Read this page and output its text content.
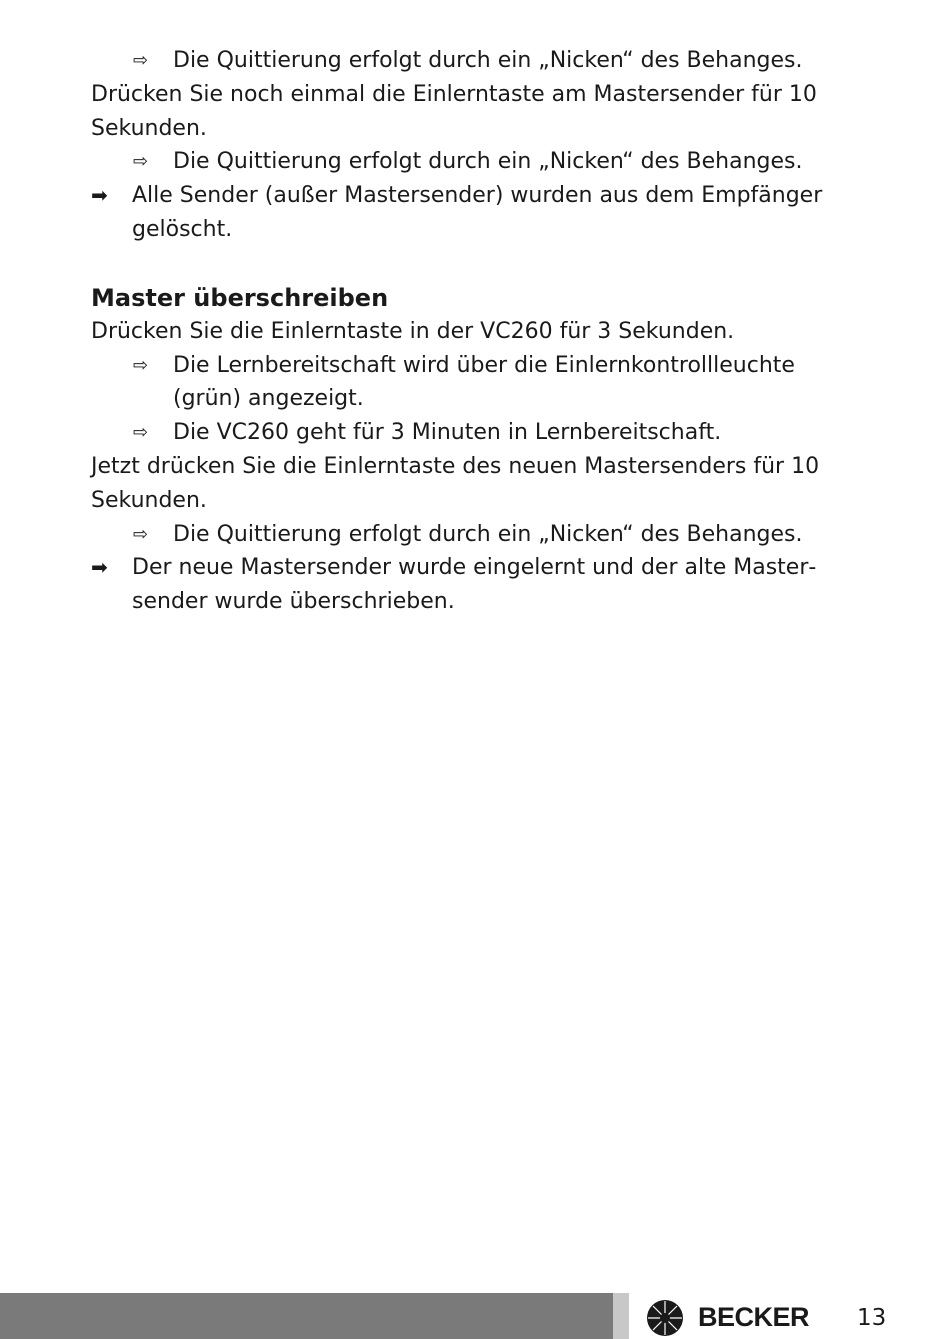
⇨	Die Quittierung erfolgt durch ein „Nicken“ des Behanges.

Drücken Sie noch einmal die Einlerntaste am Mastersender für 10 Sekunden.

⇨	Die Quittierung erfolgt durch ein „Nicken“ des Behanges.

➡ Alle Sender (außer Mastersender) wurden aus dem Empfänger gelöscht.

Master überschreiben

Drücken Sie die Einlerntaste in der VC260 für 3 Sekunden.

⇨	Die Lernbereitschaft wird über die Einlernkontrollleuchte (grün) angezeigt.

⇨	Die VC260 geht für 3 Minuten in Lernbereitschaft.

Jetzt drücken Sie die Einlerntaste des neuen Mastersenders für 10 Sekunden.

⇨	Die Quittierung erfolgt durch ein „Nicken“ des Behanges.

➡ Der neue Mastersender wurde eingelernt und der alte Mastersender wurde überschrieben.

BECKER 13
